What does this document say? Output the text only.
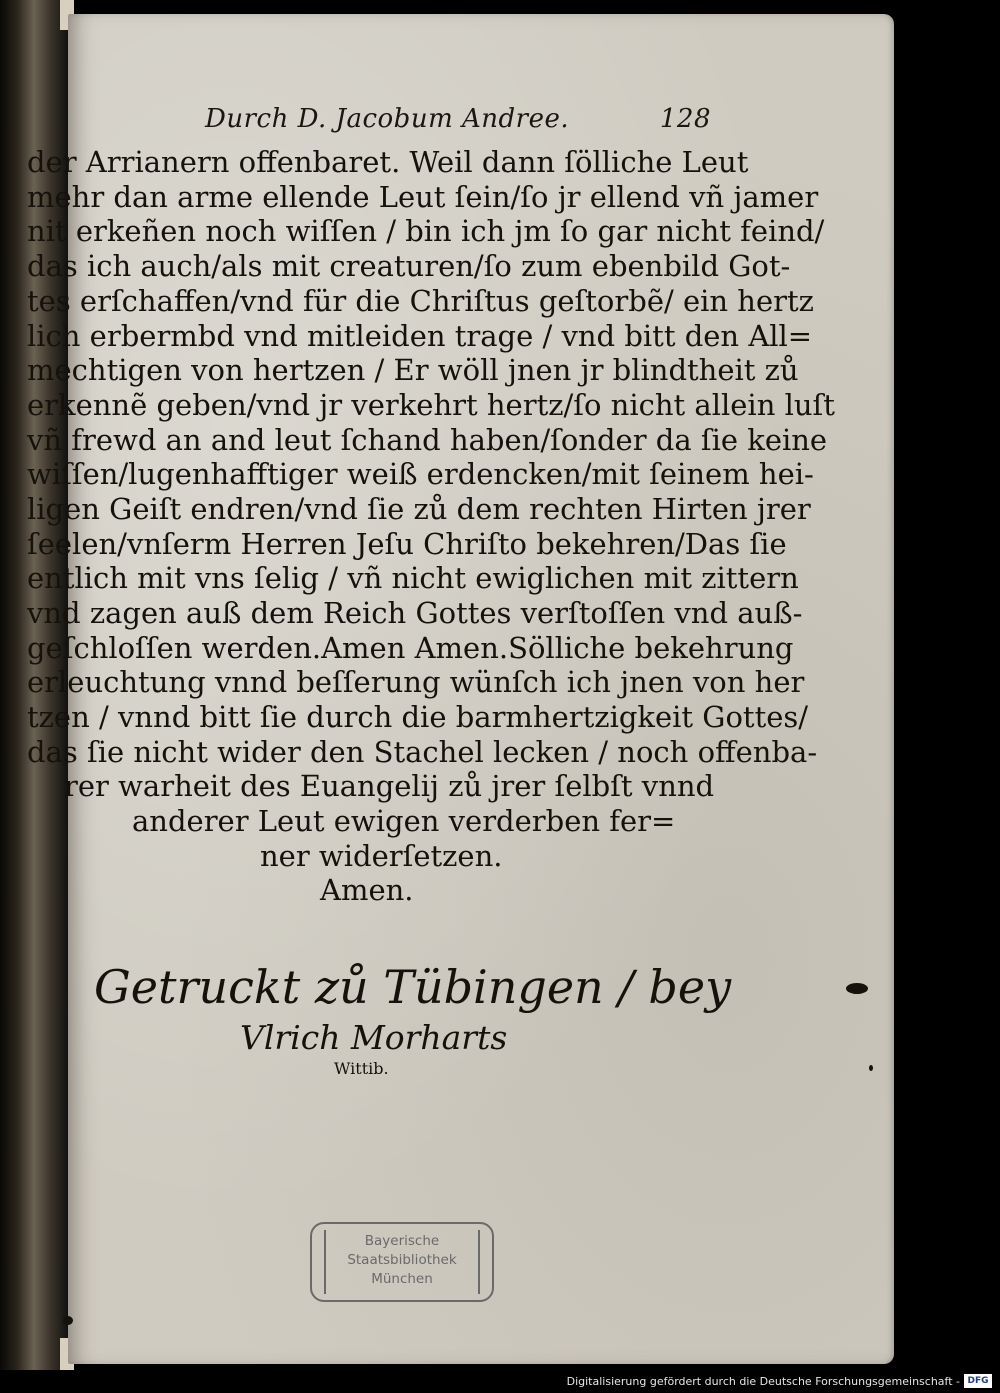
Durch D. Jacobum Andree.	128
der Arrianern offenbaret. Weil dann ſölliche Leut
mehr dan arme ellende Leut ſein/ſo jr ellend vñ jamer
nit erkeñen noch wiſſen / bin ich jm ſo gar nicht feind/
das ich auch/als mit creaturen/ſo zum ebenbild Got-
tes erſchaffen/vnd für die Chriſtus geſtorbẽ/ ein hertz
lich erbermbd vnd mitleiden trage / vnd bitt den All=
mechtigen von hertzen / Er wöll jnen jr blindtheit zů
erkennẽ geben/vnd jr verkehrt hertz/ſo nicht allein luſt
vñ frewd an and leut ſchand haben/ſonder da ſie keine
wiſſen/lugenhafftiger weiß erdencken/mit ſeinem hei-
ligen Geiſt endren/vnd ſie zů dem rechten Hirten jrer
ſeelen/vnſerm Herren Jeſu Chriſto bekehren/Das ſie
entlich mit vns ſelig / vñ nicht ewiglichen mit zittern
vnd zagen auß dem Reich Gottes verſtoſſen vnd auß-
geſchloſſen werden.Amen Amen.Sölliche bekehrung
erleuchtung vnnd beſſerung wünſch ich jnen von her
tzen / vnnd bitt ſie durch die barmhertzigkeit Gottes/
das ſie nicht wider den Stachel lecken / noch offenba-
rer warheit des Euangelij zů jrer ſelbſt vnnd
anderer Leut ewigen verderben fer=
ner widerſetzen.
Amen.
Getruckt zů Tübingen / bey
Vlrich Morharts
Wittib.
Bayerische
Staatsbibliothek
München
Digitalisierung gefördert durch die Deutsche Forschungsgemeinschaft - DFG
